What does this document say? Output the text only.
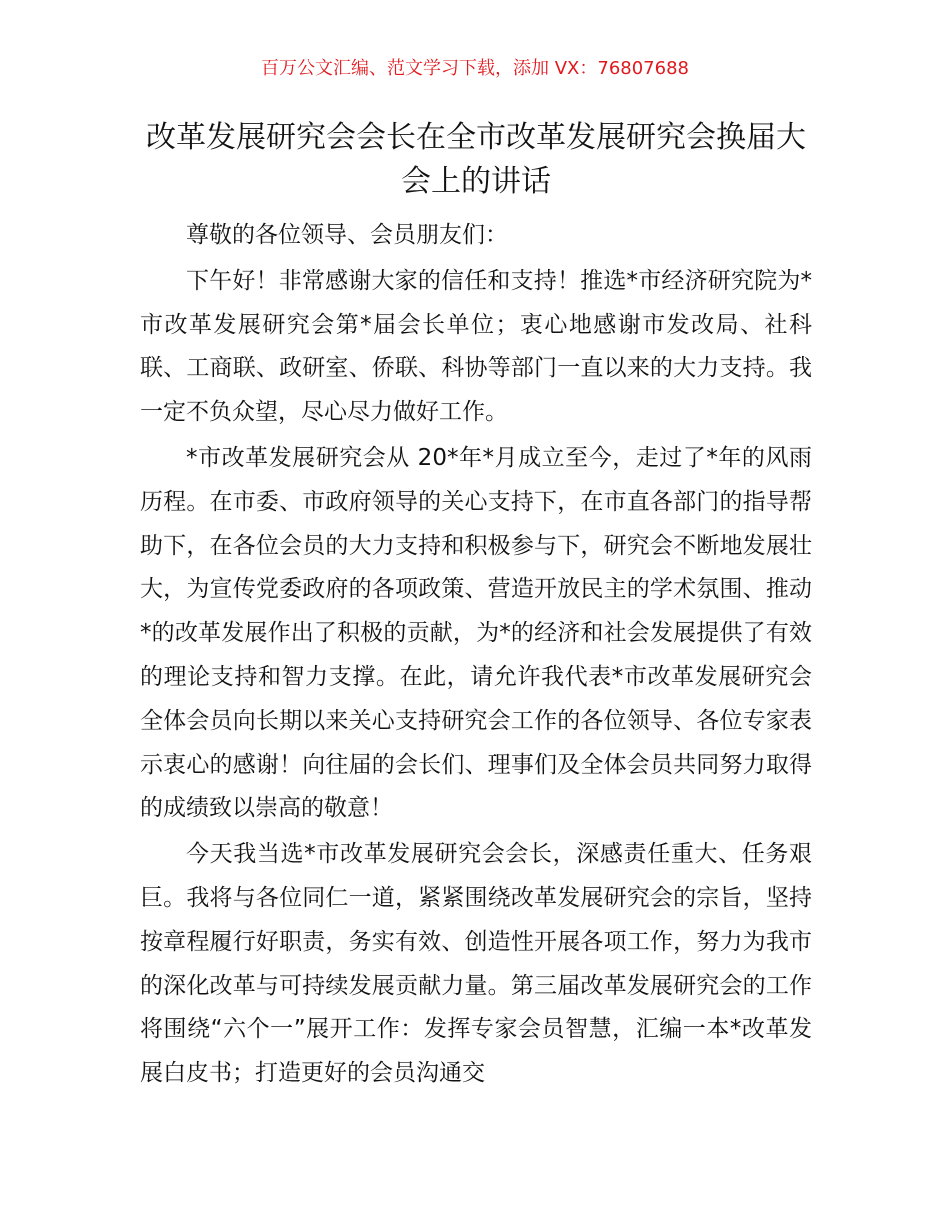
百万公文汇编、范文学习下载，添加 VX：76807688
改革发展研究会会长在全市改革发展研究会换届大会上的讲话

尊敬的各位领导、会员朋友们：

下午好！非常感谢大家的信任和支持！推选*市经济研究院为*市改革发展研究会第*届会长单位；衷心地感谢市发改局、社科联、工商联、政研室、侨联、科协等部门一直以来的大力支持。我一定不负众望，尽心尽力做好工作。

*市改革发展研究会从 20*年*月成立至今，走过了*年的风雨历程。在市委、市政府领导的关心支持下，在市直各部门的指导帮助下，在各位会员的大力支持和积极参与下，研究会不断地发展壮大，为宣传党委政府的各项政策、营造开放民主的学术氛围、推动*的改革发展作出了积极的贡献，为*的经济和社会发展提供了有效的理论支持和智力支撑。在此，请允许我代表*市改革发展研究会全体会员向长期以来关心支持研究会工作的各位领导、各位专家表示衷心的感谢！向往届的会长们、理事们及全体会员共同努力取得的成绩致以崇高的敬意！

今天我当选*市改革发展研究会会长，深感责任重大、任务艰巨。我将与各位同仁一道，紧紧围绕改革发展研究会的宗旨，坚持按章程履行好职责，务实有效、创造性开展各项工作，努力为我市的深化改革与可持续发展贡献力量。第三届改革发展研究会的工作将围绕“六个一”展开工作：发挥专家会员智慧，汇编一本*改革发展白皮书；打造更好的会员沟通交
